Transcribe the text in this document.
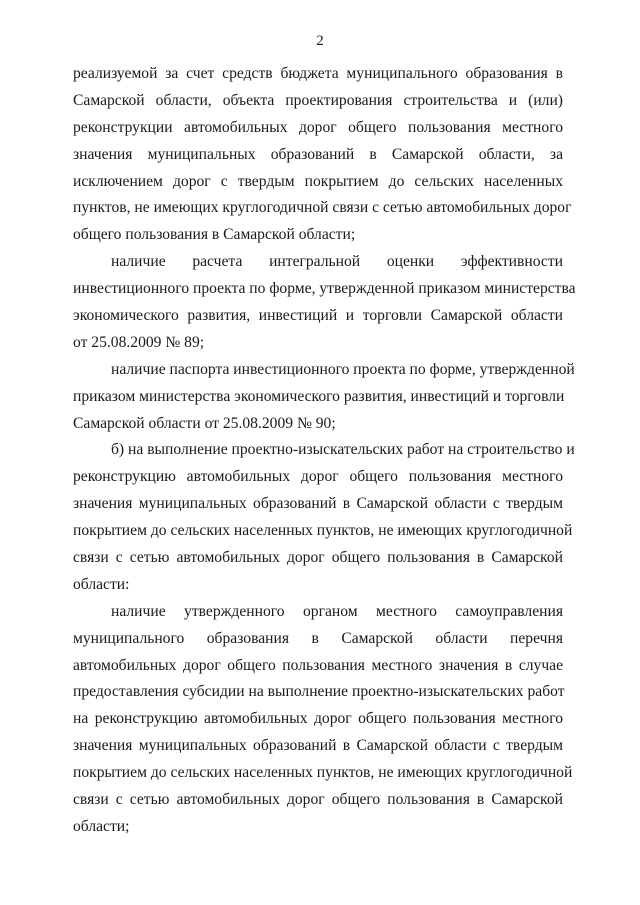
2
реализуемой за счет средств бюджета муниципального образования в
Самарской области, объекта проектирования строительства и (или)
реконструкции автомобильных дорог общего пользования местного
значения муниципальных образований в Самарской области, за
исключением дорог с твердым покрытием до сельских населенных
пунктов, не имеющих круглогодичной связи с сетью автомобильных дорог
общего пользования в Самарской области;
наличие расчета интегральной оценки эффективности
инвестиционного проекта по форме, утвержденной приказом министерства
экономического развития, инвестиций и торговли Самарской области
от 25.08.2009 № 89;
наличие паспорта инвестиционного проекта по форме, утвержденной
приказом министерства экономического развития, инвестиций и торговли
Самарской области от 25.08.2009 № 90;
б) на выполнение проектно-изыскательских работ на строительство и
реконструкцию автомобильных дорог общего пользования местного
значения муниципальных образований в Самарской области с твердым
покрытием до сельских населенных пунктов, не имеющих круглогодичной
связи с сетью автомобильных дорог общего пользования в Самарской
области:
наличие утвержденного органом местного самоуправления
муниципального образования в Самарской области перечня
автомобильных дорог общего пользования местного значения в случае
предоставления субсидии на выполнение проектно-изыскательских работ
на реконструкцию автомобильных дорог общего пользования местного
значения муниципальных образований в Самарской области с твердым
покрытием до сельских населенных пунктов, не имеющих круглогодичной
связи с сетью автомобильных дорог общего пользования в Самарской
области;
